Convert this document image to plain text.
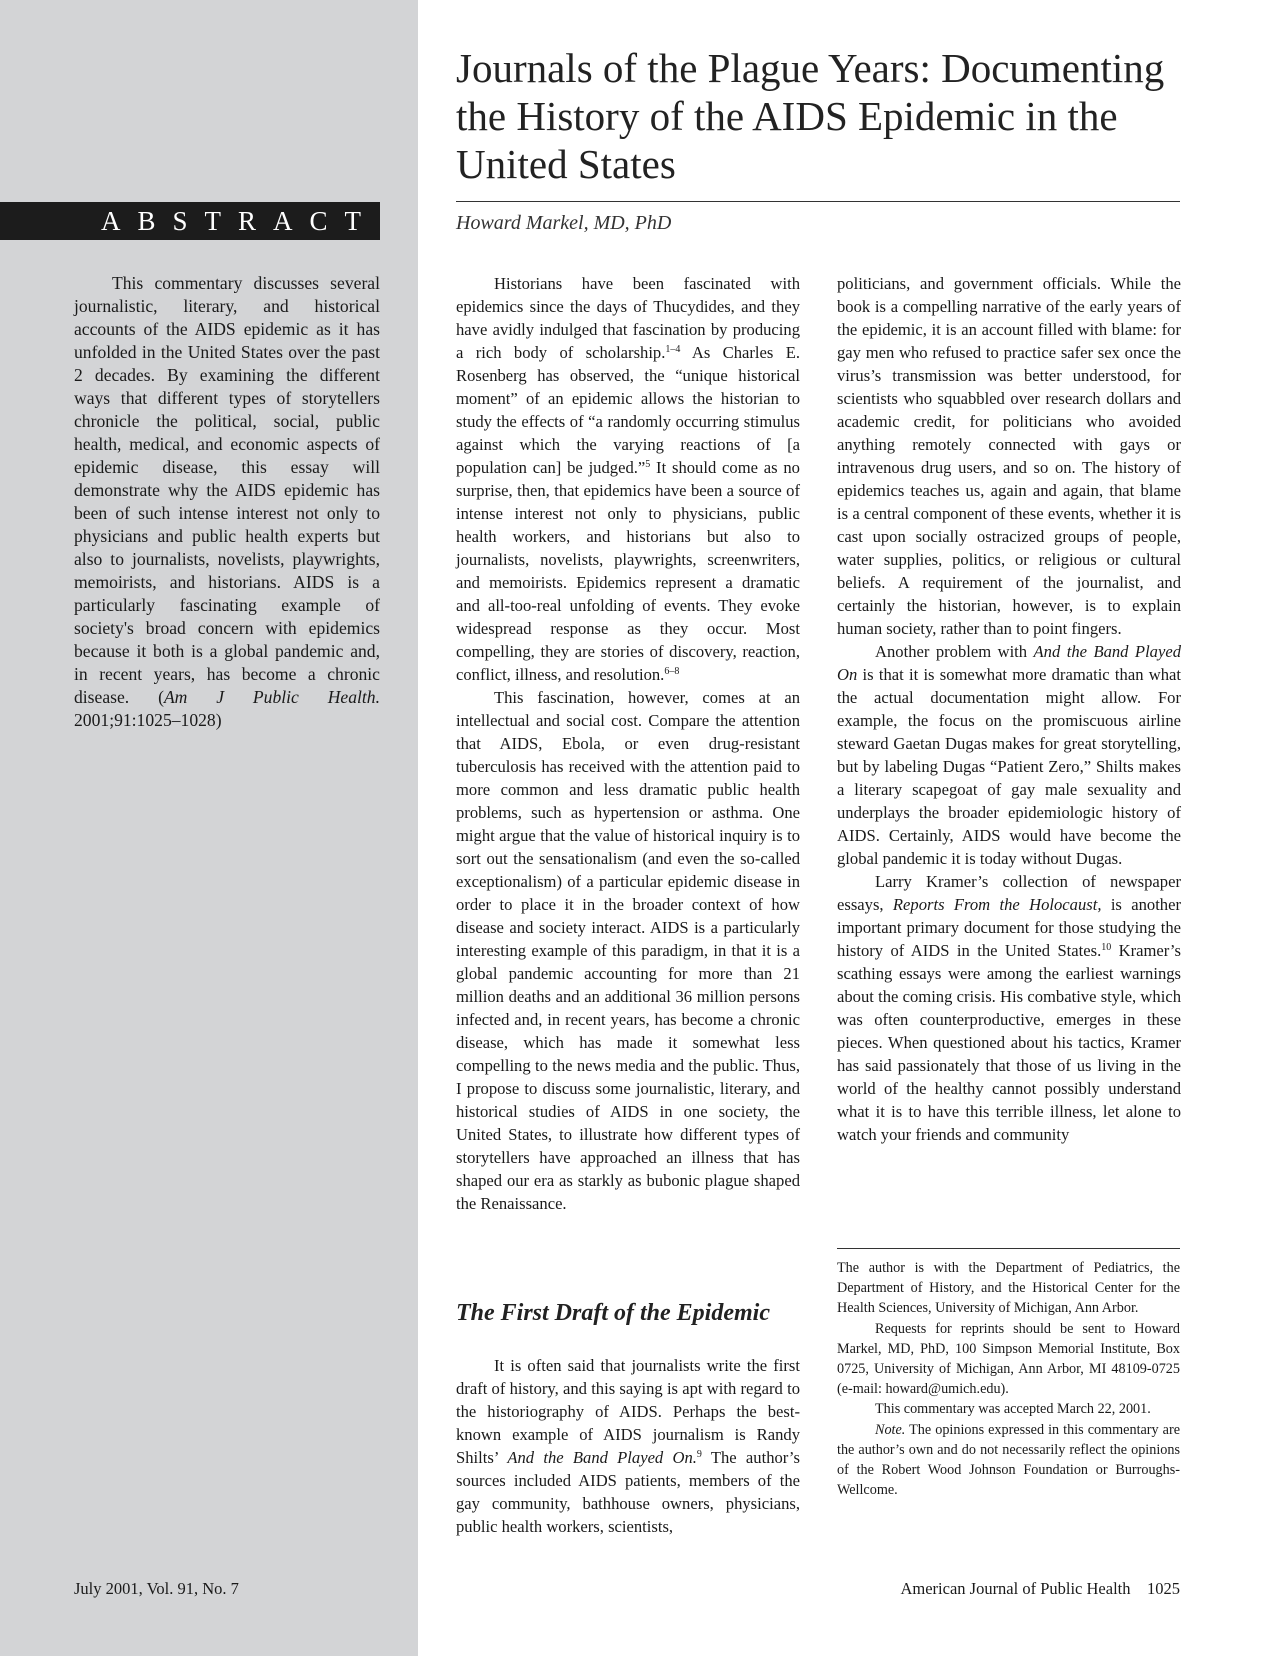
ABSTRACT
This commentary discusses several journalistic, literary, and historical accounts of the AIDS epidemic as it has unfolded in the United States over the past 2 decades. By examining the different ways that different types of storytellers chronicle the political, social, public health, medical, and economic aspects of epidemic disease, this essay will demonstrate why the AIDS epidemic has been of such intense interest not only to physicians and public health experts but also to journalists, novelists, playwrights, memoirists, and historians. AIDS is a particularly fascinating example of society's broad concern with epidemics because it both is a global pandemic and, in recent years, has become a chronic disease. (Am J Public Health. 2001;91:1025–1028)
July 2001, Vol. 91, No. 7
Journals of the Plague Years: Documenting the History of the AIDS Epidemic in the United States
Howard Markel, MD, PhD

Historians have been fascinated with epidemics since the days of Thucydides, and they have avidly indulged that fascination by producing a rich body of scholarship.$^{1-4}$ As Charles E. Rosenberg has observed, the “unique historical moment” of an epidemic allows the historian to study the effects of “a randomly occurring stimulus against which the varying reactions of [a population can] be judged.”$^5$ It should come as no surprise, then, that epidemics have been a source of intense interest not only to physicians, public health workers, and historians but also to journalists, novelists, playwrights, screenwriters, and memoirists. Epidemics represent a dramatic and all-too-real unfolding of events. They evoke widespread response as they occur. Most compelling, they are stories of discovery, reaction, conflict, illness, and resolution.$^{6-8}$

This fascination, however, comes at an intellectual and social cost. Compare the attention that AIDS, Ebola, or even drug-resistant tuberculosis has received with the attention paid to more common and less dramatic public health problems, such as hypertension or asthma. One might argue that the value of historical inquiry is to sort out the sensationalism (and even the so-called exceptionalism) of a particular epidemic disease in order to place it in the broader context of how disease and society interact. AIDS is a particularly interesting example of this paradigm, in that it is a global pandemic accounting for more than 21 million deaths and an additional 36 million persons infected and, in recent years, has become a chronic disease, which has made it somewhat less compelling to the news media and the public. Thus, I propose to discuss some journalistic, literary, and historical studies of AIDS in one society, the United States, to illustrate how different types of storytellers have approached an illness that has shaped our era as starkly as bubonic plague shaped the Renaissance.

The First Draft of the Epidemic

It is often said that journalists write the first draft of history, and this saying is apt with regard to the historiography of AIDS. Perhaps the best-known example of AIDS journalism is Randy Shilts’ And the Band Played On.$^9$ The author’s sources included AIDS patients, members of the gay community, bathhouse owners, physicians, public health workers, scientists,

politicians, and government officials. While the book is a compelling narrative of the early years of the epidemic, it is an account filled with blame: for gay men who refused to practice safer sex once the virus’s transmission was better understood, for scientists who squabbled over research dollars and academic credit, for politicians who avoided anything remotely connected with gays or intravenous drug users, and so on. The history of epidemics teaches us, again and again, that blame is a central component of these events, whether it is cast upon socially ostracized groups of people, water supplies, politics, or religious or cultural beliefs. A requirement of the journalist, and certainly the historian, however, is to explain human society, rather than to point fingers.

Another problem with And the Band Played On is that it is somewhat more dramatic than what the actual documentation might allow. For example, the focus on the promiscuous airline steward Gaetan Dugas makes for great storytelling, but by labeling Dugas “Patient Zero,” Shilts makes a literary scapegoat of gay male sexuality and underplays the broader epidemiologic history of AIDS. Certainly, AIDS would have become the global pandemic it is today without Dugas.

Larry Kramer’s collection of newspaper essays, Reports From the Holocaust, is another important primary document for those studying the history of AIDS in the United States.$^{10}$ Kramer’s scathing essays were among the earliest warnings about the coming crisis. His combative style, which was often counterproductive, emerges in these pieces. When questioned about his tactics, Kramer has said passionately that those of us living in the world of the healthy cannot possibly understand what it is to have this terrible illness, let alone to watch your friends and community

The author is with the Department of Pediatrics, the Department of History, and the Historical Center for the Health Sciences, University of Michigan, Ann Arbor.

Requests for reprints should be sent to Howard Markel, MD, PhD, 100 Simpson Memorial Institute, Box 0725, University of Michigan, Ann Arbor, MI 48109-0725 (e-mail: howard@umich.edu).

This commentary was accepted March 22, 2001.

Note. The opinions expressed in this commentary are the author’s own and do not necessarily reflect the opinions of the Robert Wood Johnson Foundation or Burroughs-Wellcome.

American Journal of Public Health 1025
